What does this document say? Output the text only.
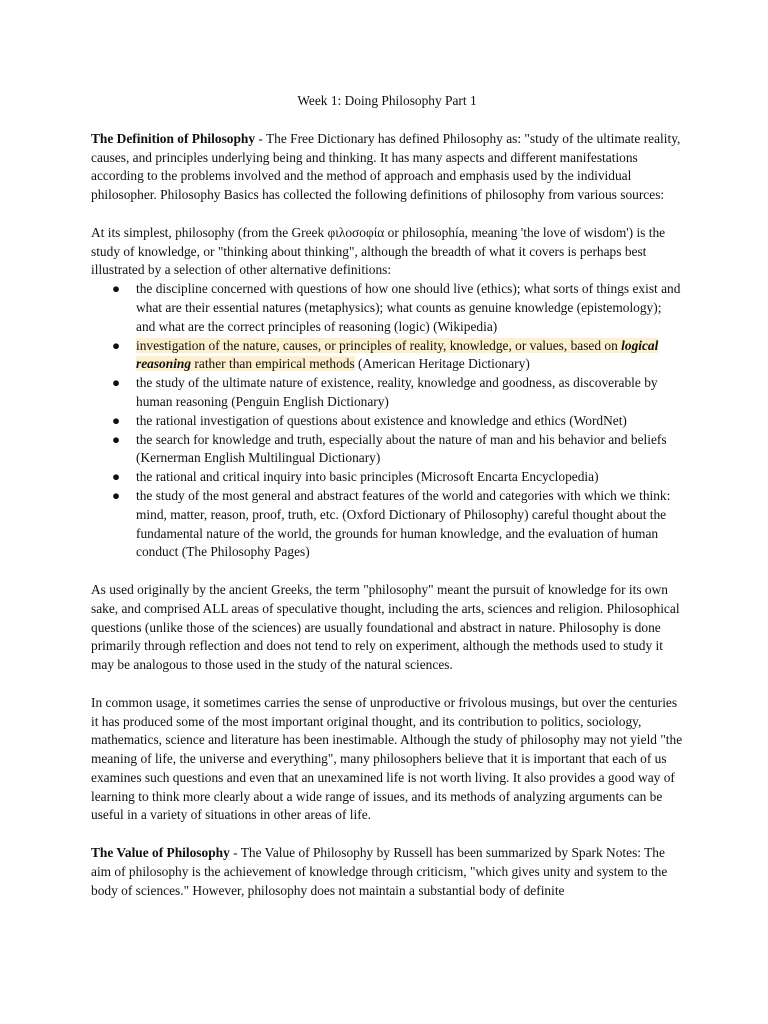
Week 1: Doing Philosophy Part 1

The Definition of Philosophy - The Free Dictionary has defined Philosophy as: "study of the ultimate reality, causes, and principles underlying being and thinking. It has many aspects and different manifestations according to the problems involved and the method of approach and emphasis used by the individual philosopher. Philosophy Basics has collected the following definitions of philosophy from various sources:

At its simplest, philosophy (from the Greek φιλοσοφία or philosophía, meaning 'the love of wisdom') is the study of knowledge, or "thinking about thinking", although the breadth of what it covers is perhaps best illustrated by a selection of other alternative definitions:

● the discipline concerned with questions of how one should live (ethics); what sorts of things exist and what are their essential natures (metaphysics); what counts as genuine knowledge (epistemology); and what are the correct principles of reasoning (logic) (Wikipedia)
● investigation of the nature, causes, or principles of reality, knowledge, or values, based on logical reasoning rather than empirical methods (American Heritage Dictionary)
● the study of the ultimate nature of existence, reality, knowledge and goodness, as discoverable by human reasoning (Penguin English Dictionary)
● the rational investigation of questions about existence and knowledge and ethics (WordNet)
● the search for knowledge and truth, especially about the nature of man and his behavior and beliefs (Kernerman English Multilingual Dictionary)
● the rational and critical inquiry into basic principles (Microsoft Encarta Encyclopedia)
● the study of the most general and abstract features of the world and categories with which we think: mind, matter, reason, proof, truth, etc. (Oxford Dictionary of Philosophy) careful thought about the fundamental nature of the world, the grounds for human knowledge, and the evaluation of human conduct (The Philosophy Pages)

As used originally by the ancient Greeks, the term "philosophy" meant the pursuit of knowledge for its own sake, and comprised ALL areas of speculative thought, including the arts, sciences and religion. Philosophical questions (unlike those of the sciences) are usually foundational and abstract in nature. Philosophy is done primarily through reflection and does not tend to rely on experiment, although the methods used to study it may be analogous to those used in the study of the natural sciences.

In common usage, it sometimes carries the sense of unproductive or frivolous musings, but over the centuries it has produced some of the most important original thought, and its contribution to politics, sociology, mathematics, science and literature has been inestimable. Although the study of philosophy may not yield "the meaning of life, the universe and everything", many philosophers believe that it is important that each of us examines such questions and even that an unexamined life is not worth living. It also provides a good way of learning to think more clearly about a wide range of issues, and its methods of analyzing arguments can be useful in a variety of situations in other areas of life.

The Value of Philosophy - The Value of Philosophy by Russell has been summarized by Spark Notes: The aim of philosophy is the achievement of knowledge through criticism, "which gives unity and system to the body of sciences." However, philosophy does not maintain a substantial body of definite
